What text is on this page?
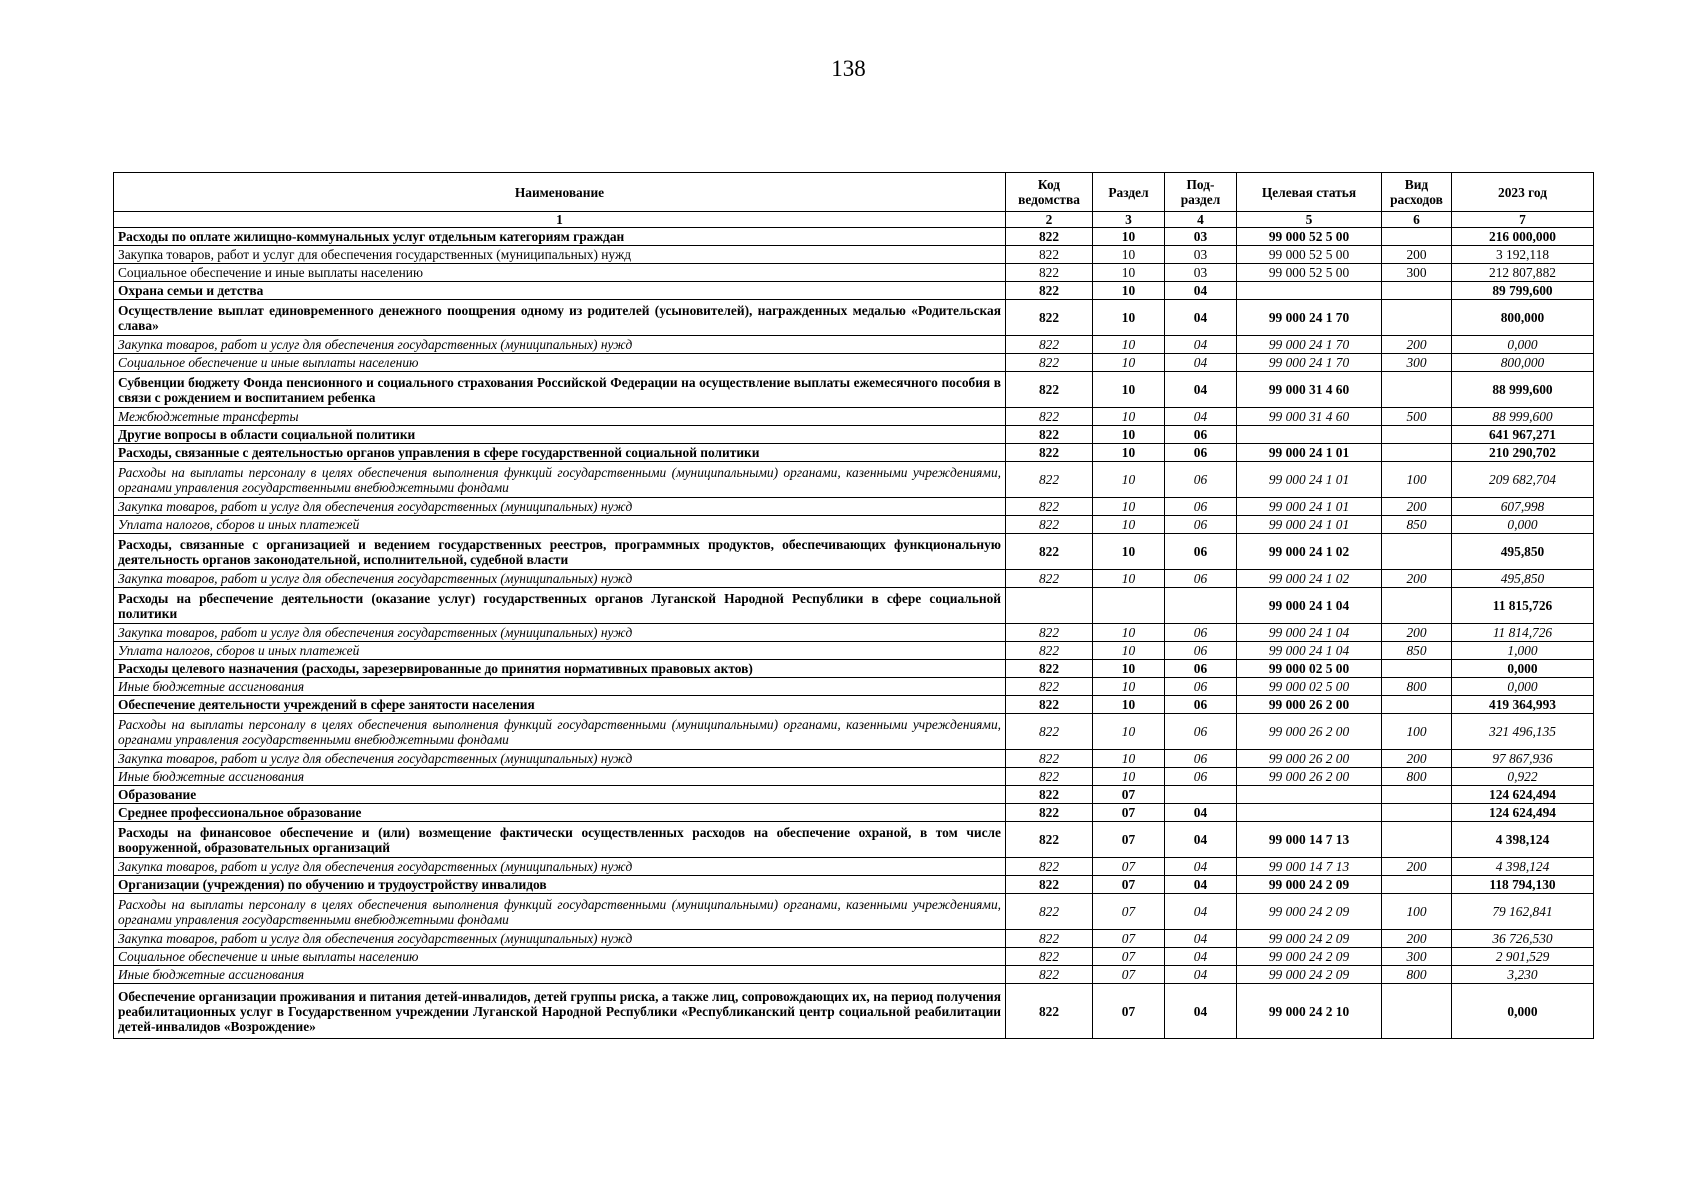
138
Наименование	Код ведомства	Раздел	Под-раздел	Целевая статья	Вид расходов	2023 год
1	2	3	4	5	6	7
Расходы по оплате жилищно-коммунальных услуг отдельным категориям граждан	822	10	03	99 000 52 5 00		216 000,000
Закупка товаров, работ и услуг для обеспечения государственных (муниципальных) нужд	822	10	03	99 000 52 5 00	200	3 192,118
Социальное обеспечение и иные выплаты населению	822	10	03	99 000 52 5 00	300	212 807,882
Охрана семьи и детства	822	10	04			89 799,600
Осуществление выплат единовременного денежного поощрения одному из родителей (усыновителей), награжденных медалью «Родительская слава»	822	10	04	99 000 24 1 70		800,000
Закупка товаров, работ и услуг для обеспечения государственных (муниципальных) нужд	822	10	04	99 000 24 1 70	200	0,000
Социальное обеспечение и иные выплаты населению	822	10	04	99 000 24 1 70	300	800,000
Субвенции бюджету Фонда пенсионного и социального страхования Российской Федерации на осуществление выплаты ежемесячного пособия в связи с рождением и воспитанием ребенка	822	10	04	99 000 31 4 60		88 999,600
Межбюджетные трансферты	822	10	04	99 000 31 4 60	500	88 999,600
Другие вопросы в области социальной политики	822	10	06			641 967,271
Расходы, связанные с деятельностью органов управления в сфере государственной социальной политики	822	10	06	99 000 24 1 01		210 290,702
Расходы на выплаты персоналу в целях обеспечения выполнения функций государственными (муниципальными) органами, казенными учреждениями, органами управления государственными внебюджетными фондами	822	10	06	99 000 24 1 01	100	209 682,704
Закупка товаров, работ и услуг для обеспечения государственных (муниципальных) нужд	822	10	06	99 000 24 1 01	200	607,998
Уплата налогов, сборов и иных платежей	822	10	06	99 000 24 1 01	850	0,000
Расходы, связанные с организацией и ведением государственных реестров, программных продуктов, обеспечивающих функциональную деятельность органов законодательной, исполнительной, судебной власти	822	10	06	99 000 24 1 02		495,850
Закупка товаров, работ и услуг для обеспечения государственных (муниципальных) нужд	822	10	06	99 000 24 1 02	200	495,850
Расходы на рбеспечение деятельности (оказание услуг) государственных органов Луганской Народной Республики в сфере социальной политики				99 000 24 1 04		11 815,726
Закупка товаров, работ и услуг для обеспечения государственных (муниципальных) нужд	822	10	06	99 000 24 1 04	200	11 814,726
Уплата налогов, сборов и иных платежей	822	10	06	99 000 24 1 04	850	1,000
Расходы целевого назначения (расходы, зарезервированные до принятия нормативных правовых актов)	822	10	06	99 000 02 5 00		0,000
Иные бюджетные ассигнования	822	10	06	99 000 02 5 00	800	0,000
Обеспечение деятельности учреждений в сфере занятости населения	822	10	06	99 000 26 2 00		419 364,993
Расходы на выплаты персоналу в целях обеспечения выполнения функций государственными (муниципальными) органами, казенными учреждениями, органами управления государственными внебюджетными фондами	822	10	06	99 000 26 2 00	100	321 496,135
Закупка товаров, работ и услуг для обеспечения государственных (муниципальных) нужд	822	10	06	99 000 26 2 00	200	97 867,936
Иные бюджетные ассигнования	822	10	06	99 000 26 2 00	800	0,922
Образование	822	07				124 624,494
Среднее профессиональное образование	822	07	04			124 624,494
Расходы на финансовое обеспечение и (или) возмещение фактически осуществленных расходов на обеспечение охраной, в том числе вооруженной, образовательных организаций	822	07	04	99 000 14 7 13		4 398,124
Закупка товаров, работ и услуг для обеспечения государственных (муниципальных) нужд	822	07	04	99 000 14 7 13	200	4 398,124
Организации (учреждения) по обучению и трудоустройству инвалидов	822	07	04	99 000 24 2 09		118 794,130
Расходы на выплаты персоналу в целях обеспечения выполнения функций государственными (муниципальными) органами, казенными учреждениями, органами управления государственными внебюджетными фондами	822	07	04	99 000 24 2 09	100	79 162,841
Закупка товаров, работ и услуг для обеспечения государственных (муниципальных) нужд	822	07	04	99 000 24 2 09	200	36 726,530
Социальное обеспечение и иные выплаты населению	822	07	04	99 000 24 2 09	300	2 901,529
Иные бюджетные ассигнования	822	07	04	99 000 24 2 09	800	3,230
Обеспечение организации проживания и питания детей-инвалидов, детей группы риска, а также лиц, сопровождающих их, на период получения реабилитационных услуг в Государственном учреждении Луганской Народной Республики «Республиканский центр социальной реабилитации детей-инвалидов «Возрождение»	822	07	04	99 000 24 2 10		0,000
